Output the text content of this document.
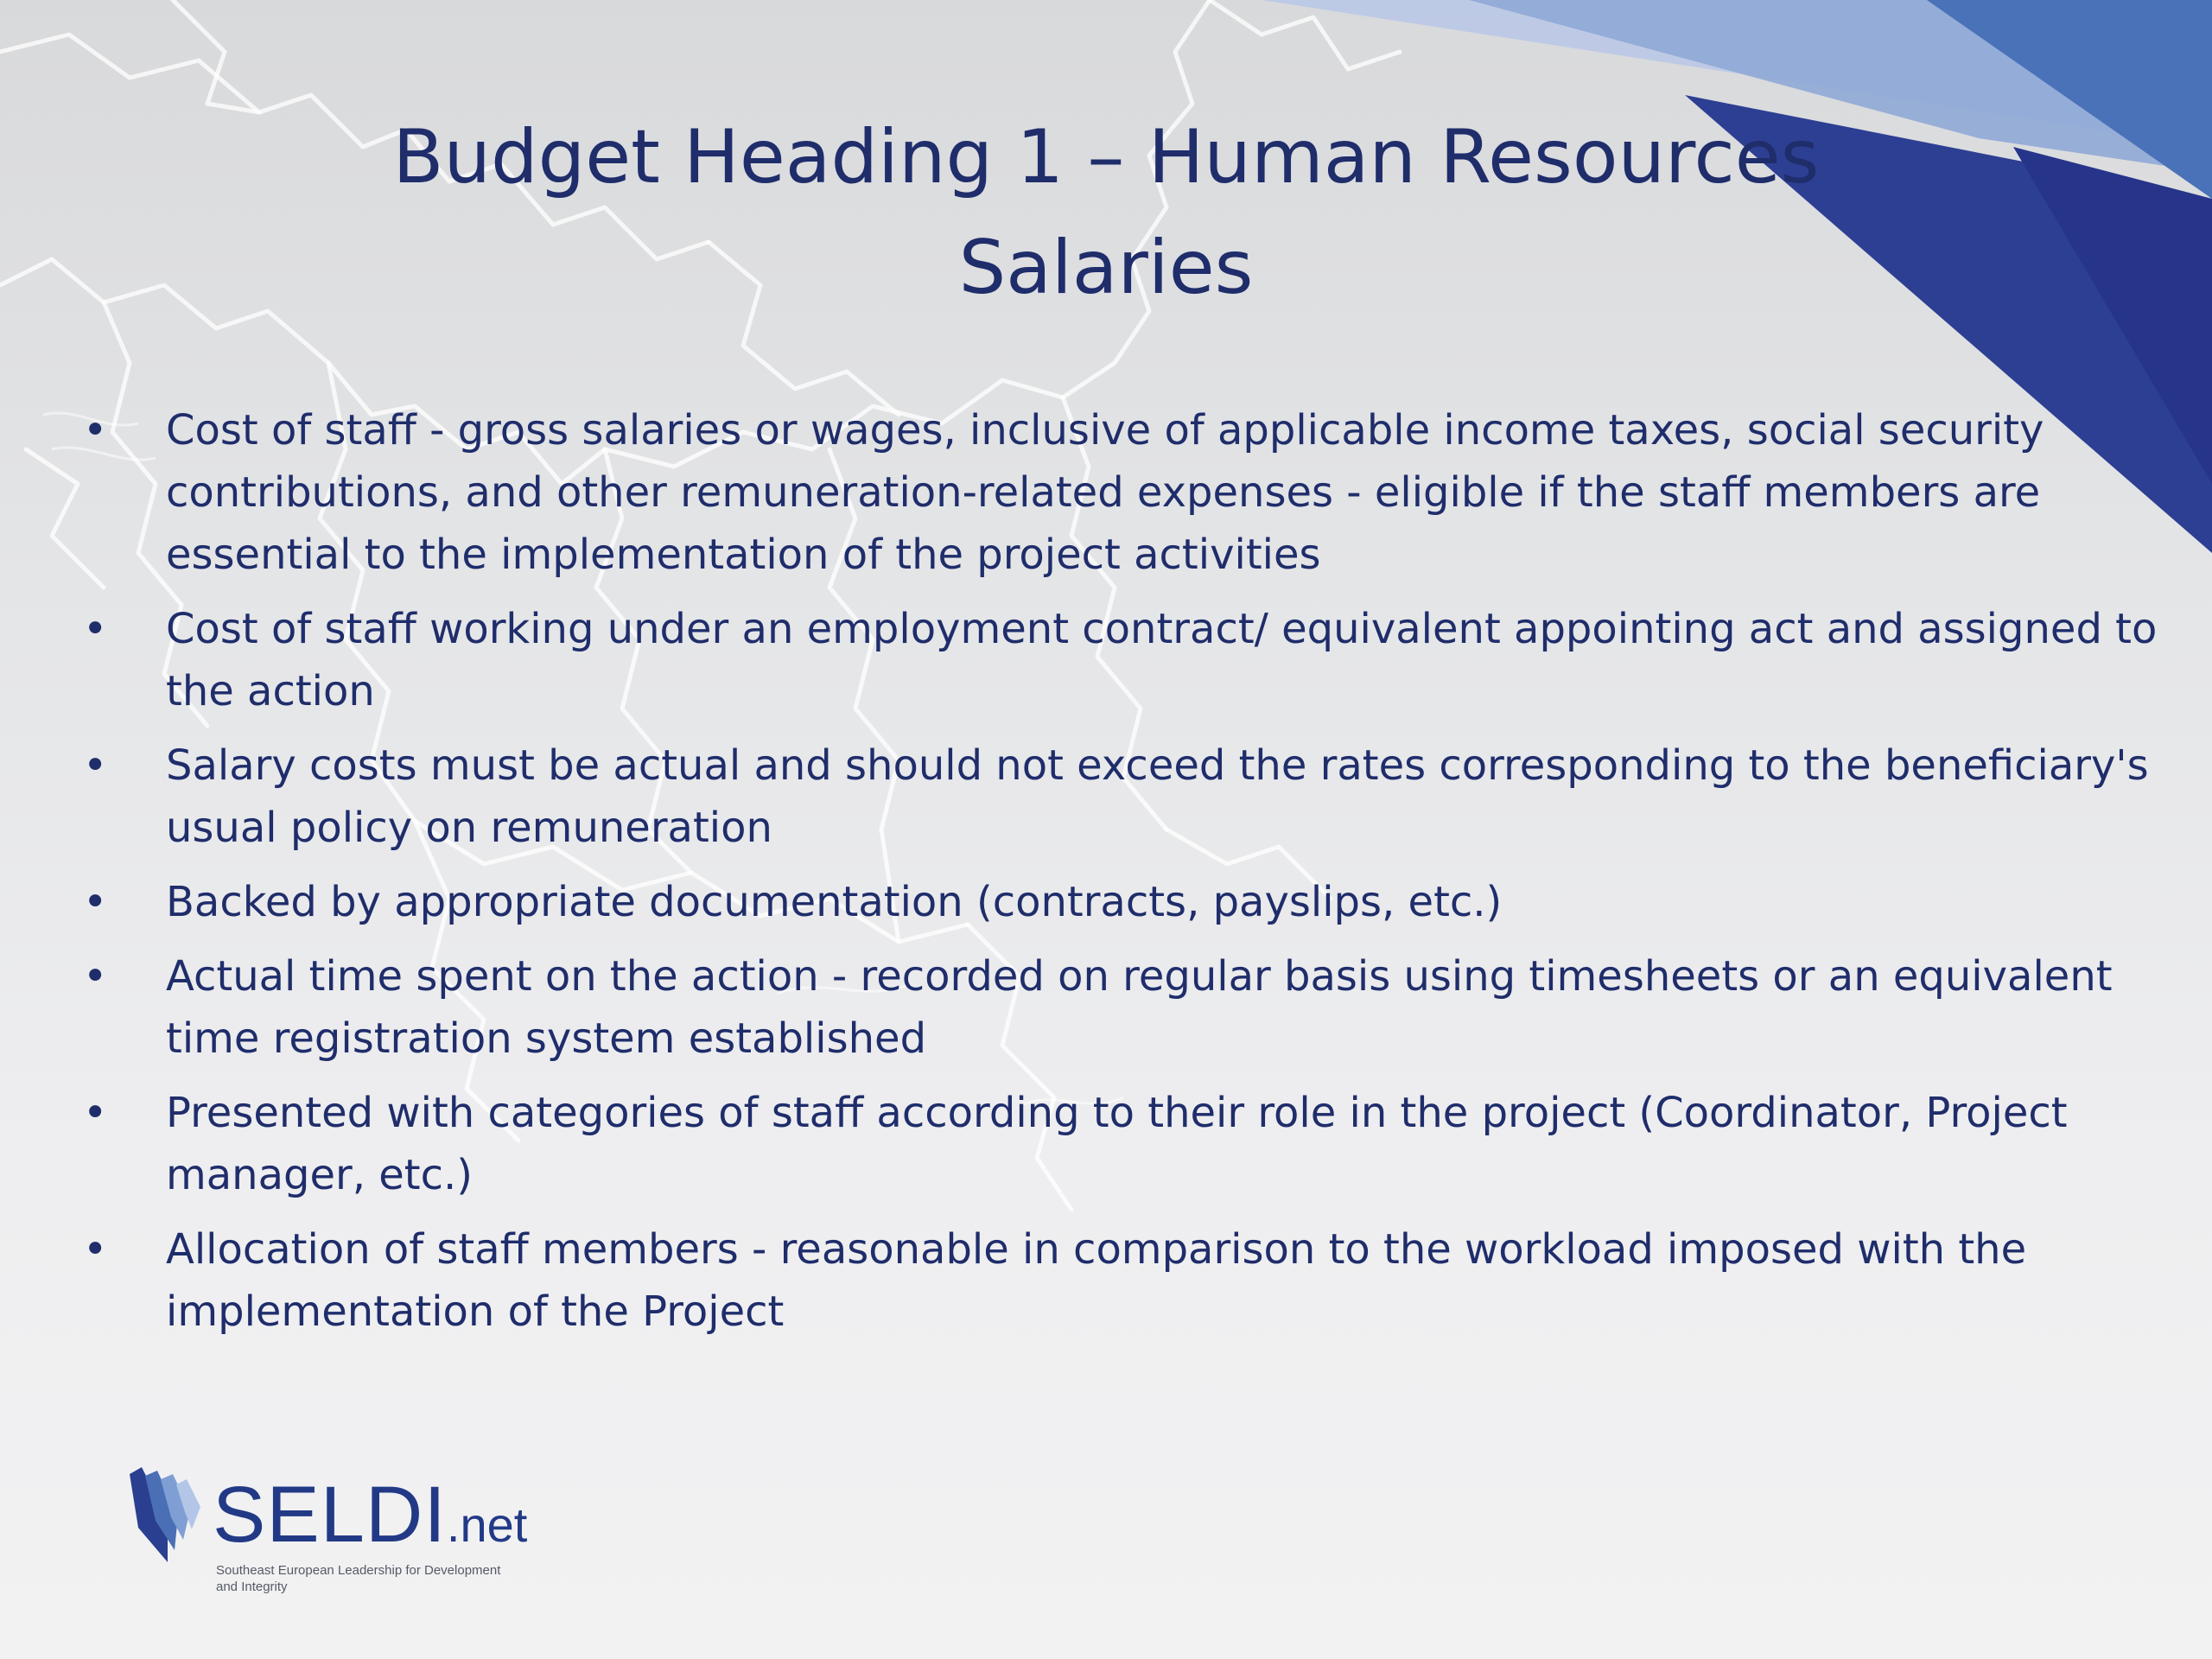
Budget Heading 1 – Human Resources
Salaries
• Cost of staff - gross salaries or wages, inclusive of applicable income taxes, social security contributions, and other remuneration-related expenses - eligible if the staff members are essential to the implementation of the project activities
• Cost of staff working under an employment contract/ equivalent appointing act and assigned to the action
• Salary costs must be actual and should not exceed the rates corresponding to the beneficiary's usual policy on remuneration
• Backed by appropriate documentation (contracts, payslips, etc.)
• Actual time spent on the action - recorded on regular basis using timesheets or an equivalent time registration system established
• Presented with categories of staff according to their role in the project (Coordinator, Project manager, etc.)
• Allocation of staff members - reasonable in comparison to the workload imposed with the implementation of the Project
SELDI.net
Southeast European Leadership for Development and Integrity
